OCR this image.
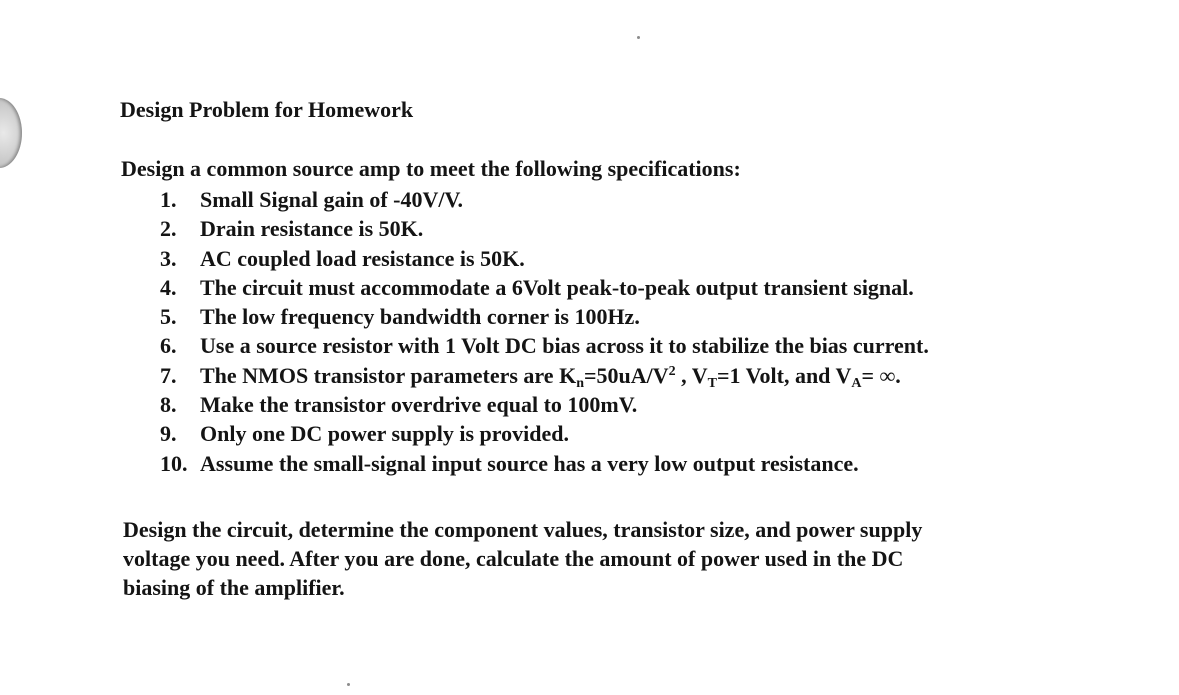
Design Problem for Homework

Design a common source amp to meet the following specifications:

1. Small Signal gain of -40V/V.
2. Drain resistance is 50K.
3. AC coupled load resistance is 50K.
4. The circuit must accommodate a 6Volt peak-to-peak output transient signal.
5. The low frequency bandwidth corner is 100Hz.
6. Use a source resistor with 1 Volt DC bias across it to stabilize the bias current.
7. The NMOS transistor parameters are $Kn=50uA/V^2$ , VT=1 Volt, and VA= ∞.
8. Make the transistor overdrive equal to 100mV.
9. Only one DC power supply is provided.
10. Assume the small-signal input source has a very low output resistance.

Design the circuit, determine the component values, transistor size, and power supply
voltage you need. After you are done, calculate the amount of power used in the DC
biasing of the amplifier.
